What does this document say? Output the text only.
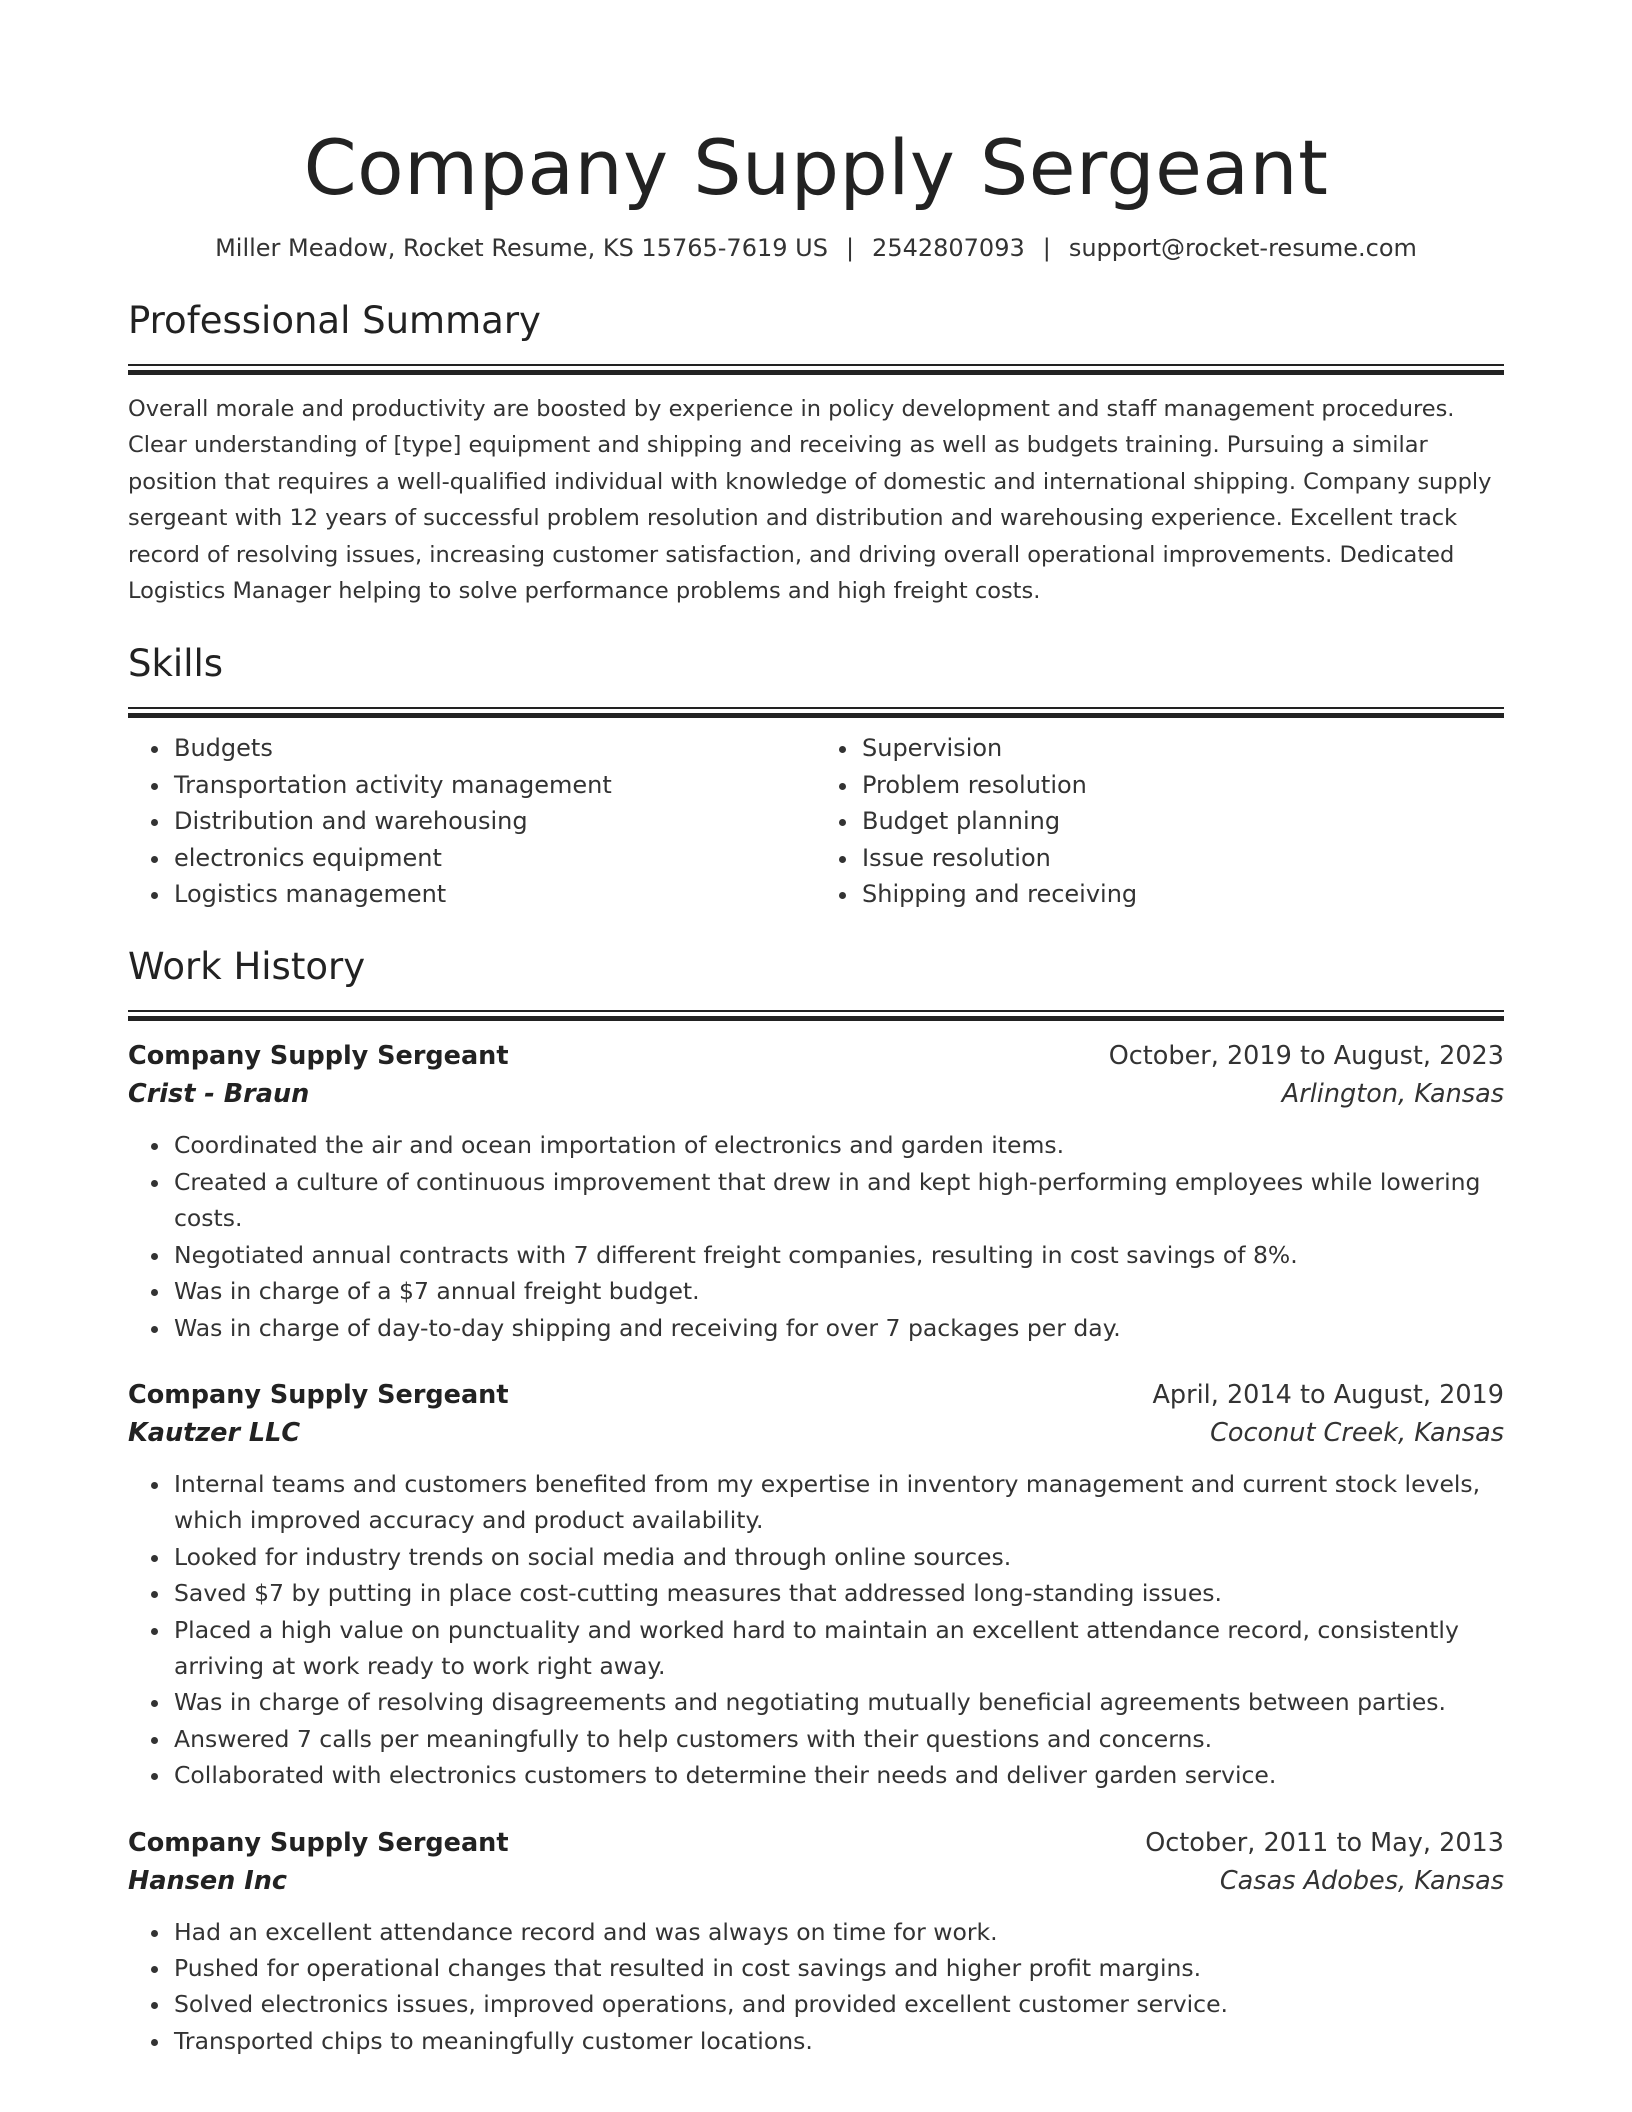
Company Supply Sergeant
Miller Meadow, Rocket Resume, KS 15765-7619 US | 2542807093 | support@rocket-resume.com
Professional Summary

Overall morale and productivity are boosted by experience in policy development and staff management procedures. Clear understanding of [type] equipment and shipping and receiving as well as budgets training. Pursuing a similar position that requires a well-qualified individual with knowledge of domestic and international shipping. Company supply sergeant with 12 years of successful problem resolution and distribution and warehousing experience. Excellent track record of resolving issues, increasing customer satisfaction, and driving overall operational improvements. Dedicated Logistics Manager helping to solve performance problems and high freight costs.

Skills
• Budgets
• Transportation activity management
• Distribution and warehousing
• electronics equipment
• Logistics management
• Supervision
• Problem resolution
• Budget planning
• Issue resolution
• Shipping and receiving
Work History
Company Supply Sergeant	October, 2019 to August, 2023
Crist - Braun	Arlington, Kansas
• Coordinated the air and ocean importation of electronics and garden items.
• Created a culture of continuous improvement that drew in and kept high-performing employees while lowering costs.
• Negotiated annual contracts with 7 different freight companies, resulting in cost savings of 8%.
• Was in charge of a $7 annual freight budget.
• Was in charge of day-to-day shipping and receiving for over 7 packages per day.
Company Supply Sergeant	April, 2014 to August, 2019
Kautzer LLC	Coconut Creek, Kansas
• Internal teams and customers benefited from my expertise in inventory management and current stock levels, which improved accuracy and product availability.
• Looked for industry trends on social media and through online sources.
• Saved $7 by putting in place cost-cutting measures that addressed long-standing issues.
• Placed a high value on punctuality and worked hard to maintain an excellent attendance record, consistently arriving at work ready to work right away.
• Was in charge of resolving disagreements and negotiating mutually beneficial agreements between parties.
• Answered 7 calls per meaningfully to help customers with their questions and concerns.
• Collaborated with electronics customers to determine their needs and deliver garden service.
Company Supply Sergeant	October, 2011 to May, 2013
Hansen Inc	Casas Adobes, Kansas
• Had an excellent attendance record and was always on time for work.
• Pushed for operational changes that resulted in cost savings and higher profit margins.
• Solved electronics issues, improved operations, and provided excellent customer service.
• Transported chips to meaningfully customer locations.
